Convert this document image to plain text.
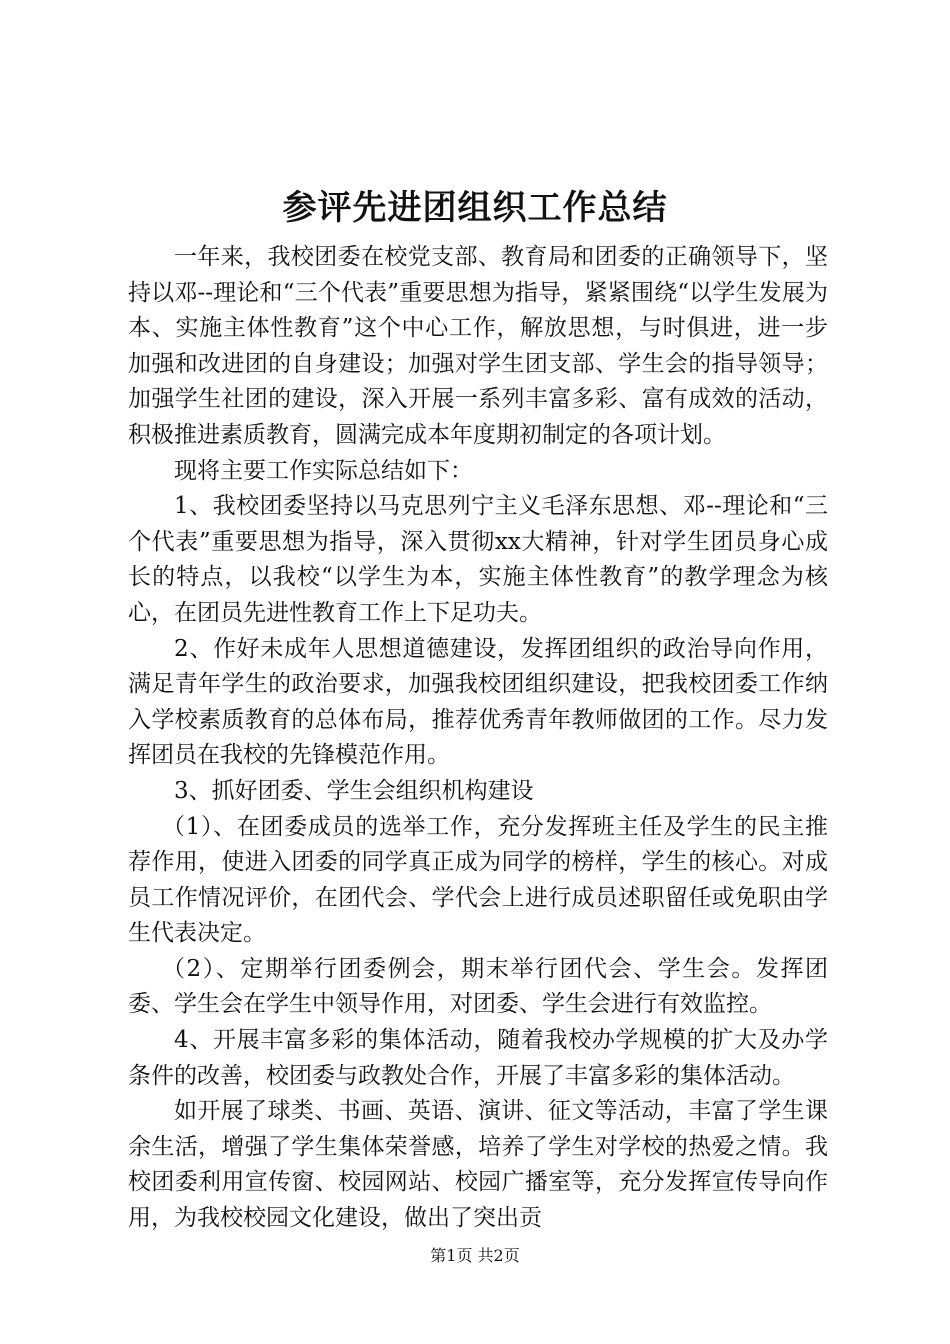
参评先进团组织工作总结

一年来，我校团委在校党支部、教育局和团委的正确领导下，坚持以邓--理论和“三个代表”重要思想为指导，紧紧围绕“以学生发展为本、实施主体性教育”这个中心工作，解放思想，与时俱进，进一步加强和改进团的自身建设；加强对学生团支部、学生会的指导领导；加强学生社团的建设，深入开展一系列丰富多彩、富有成效的活动，积极推进素质教育，圆满完成本年度期初制定的各项计划。

现将主要工作实际总结如下：

1、我校团委坚持以马克思列宁主义毛泽东思想、邓--理论和“三个代表”重要思想为指导，深入贯彻xx大精神，针对学生团员身心成长的特点，以我校“以学生为本，实施主体性教育”的教学理念为核心，在团员先进性教育工作上下足功夫。

2、作好未成年人思想道德建设，发挥团组织的政治导向作用，满足青年学生的政治要求，加强我校团组织建设，把我校团委工作纳入学校素质教育的总体布局，推荐优秀青年教师做团的工作。尽力发挥团员在我校的先锋模范作用。

3、抓好团委、学生会组织机构建设

（1）、在团委成员的选举工作，充分发挥班主任及学生的民主推荐作用，使进入团委的同学真正成为同学的榜样，学生的核心。对成员工作情况评价，在团代会、学代会上进行成员述职留任或免职由学生代表决定。

（2）、定期举行团委例会，期末举行团代会、学生会。发挥团委、学生会在学生中领导作用，对团委、学生会进行有效监控。

4、开展丰富多彩的集体活动，随着我校办学规模的扩大及办学条件的改善，校团委与政教处合作，开展了丰富多彩的集体活动。

如开展了球类、书画、英语、演讲、征文等活动，丰富了学生课余生活，增强了学生集体荣誉感，培养了学生对学校的热爱之情。我校团委利用宣传窗、校园网站、校园广播室等，充分发挥宣传导向作用，为我校校园文化建设，做出了突出贡

第1页 共2页
